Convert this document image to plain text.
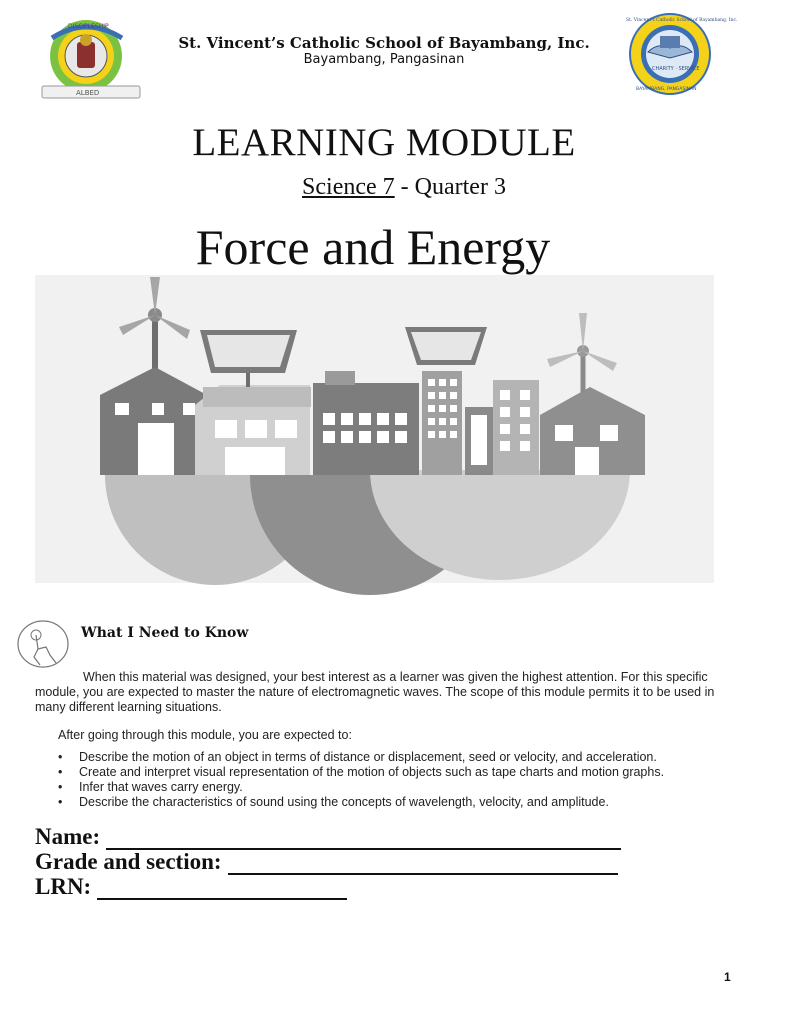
DISCIPLESHIP
ALBED
St. Vincent’s Catholic School of Bayambang, Inc.
Bayambang, Pangasinan
CHARITY · SERVICE
St. Vincent's Catholic School of Bayambang, Inc.
BAYAMBANG, PANGASINAN
LEARNING MODULE
Science 7 - Quarter 3
Force and Energy
What I Need to Know
When this material was designed, your best interest as a learner was given the highest attention. For this specific module, you are expected to master the nature of electromagnetic waves. The scope of this module permits it to be used in many different learning situations.
After going through this module, you are expected to:
• Describe the motion of an object in terms of distance or displacement, seed or velocity, and acceleration.
• Create and interpret visual representation of the motion of objects such as tape charts and motion graphs.
• Infer that waves carry energy.
• Describe the characteristics of sound using the concepts of wavelength, velocity, and amplitude.
Name:
Grade and section:
LRN:
1
